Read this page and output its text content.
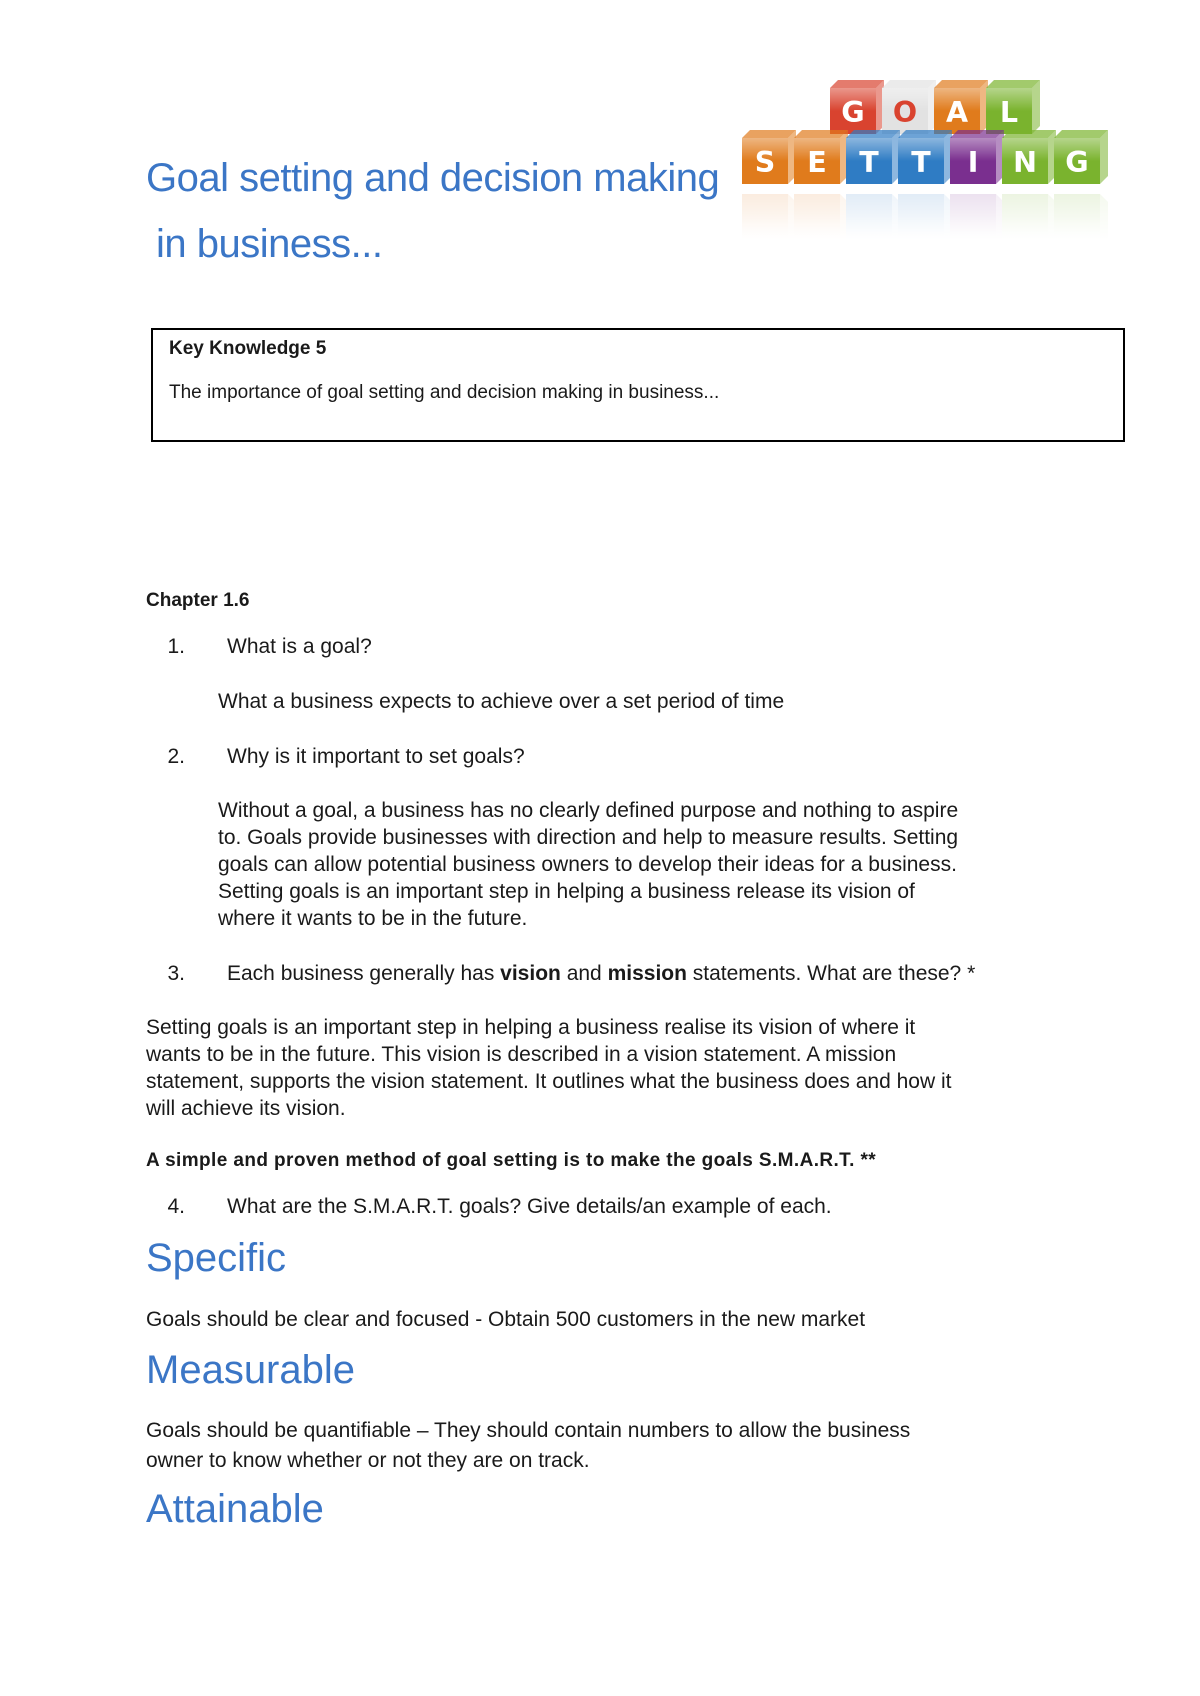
Goal setting and decision making
in business...
G O A L
S E T T I N G
Key Knowledge 5
The importance of goal setting and decision making in business...
Chapter 1.6
1. What is a goal?
What a business expects to achieve over a set period of time
2. Why is it important to set goals?
Without a goal, a business has no clearly defined purpose and nothing to aspire
to. Goals provide businesses with direction and help to measure results. Setting
goals can allow potential business owners to develop their ideas for a business.
Setting goals is an important step in helping a business release its vision of
where it wants to be in the future.
3. Each business generally has vision and mission statements. What are these? *
Setting goals is an important step in helping a business realise its vision of where it
wants to be in the future. This vision is described in a vision statement. A mission
statement, supports the vision statement. It outlines what the business does and how it
will achieve its vision.
A simple and proven method of goal setting is to make the goals S.M.A.R.T. **
4. What are the S.M.A.R.T. goals? Give details/an example of each.
Specific
Goals should be clear and focused - Obtain 500 customers in the new market
Measurable
Goals should be quantifiable – They should contain numbers to allow the business
owner to know whether or not they are on track.
Attainable
